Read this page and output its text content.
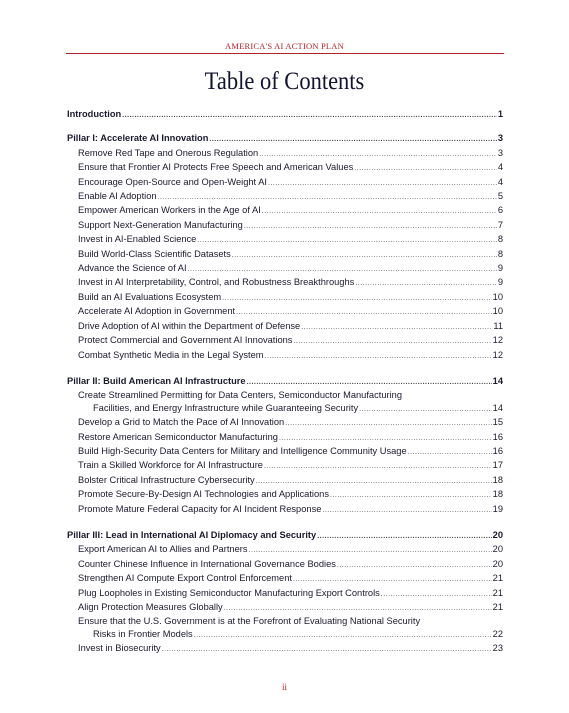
AMERICA'S AI ACTION PLAN
Table of Contents
Introduction .....	1
Pillar I: Accelerate AI Innovation .....	3
Remove Red Tape and Onerous Regulation .....	3
Ensure that Frontier AI Protects Free Speech and American Values .....	4
Encourage Open-Source and Open-Weight AI .....	4
Enable AI Adoption .....	5
Empower American Workers in the Age of AI .....	6
Support Next-Generation Manufacturing .....	7
Invest in AI-Enabled Science .....	8
Build World-Class Scientific Datasets .....	8
Advance the Science of AI .....	9
Invest in AI Interpretability, Control, and Robustness Breakthroughs .....	9
Build an AI Evaluations Ecosystem .....	10
Accelerate AI Adoption in Government .....	10
Drive Adoption of AI within the Department of Defense .....	11
Protect Commercial and Government AI Innovations .....	12
Combat Synthetic Media in the Legal System .....	12
Pillar II: Build American AI Infrastructure .....	14
Create Streamlined Permitting for Data Centers, Semiconductor Manufacturing
Facilities, and Energy Infrastructure while Guaranteeing Security .....	14
Develop a Grid to Match the Pace of AI Innovation .....	15
Restore American Semiconductor Manufacturing .....	16
Build High-Security Data Centers for Military and Intelligence Community Usage .....	16
Train a Skilled Workforce for AI Infrastructure .....	17
Bolster Critical Infrastructure Cybersecurity .....	18
Promote Secure-By-Design AI Technologies and Applications .....	18
Promote Mature Federal Capacity for AI Incident Response .....	19
Pillar III: Lead in International AI Diplomacy and Security .....	20
Export American AI to Allies and Partners .....	20
Counter Chinese Influence in International Governance Bodies .....	20
Strengthen AI Compute Export Control Enforcement .....	21
Plug Loopholes in Existing Semiconductor Manufacturing Export Controls .....	21
Align Protection Measures Globally .....	21
Ensure that the U.S. Government is at the Forefront of Evaluating National Security
Risks in Frontier Models .....	22
Invest in Biosecurity .....	23
ii
